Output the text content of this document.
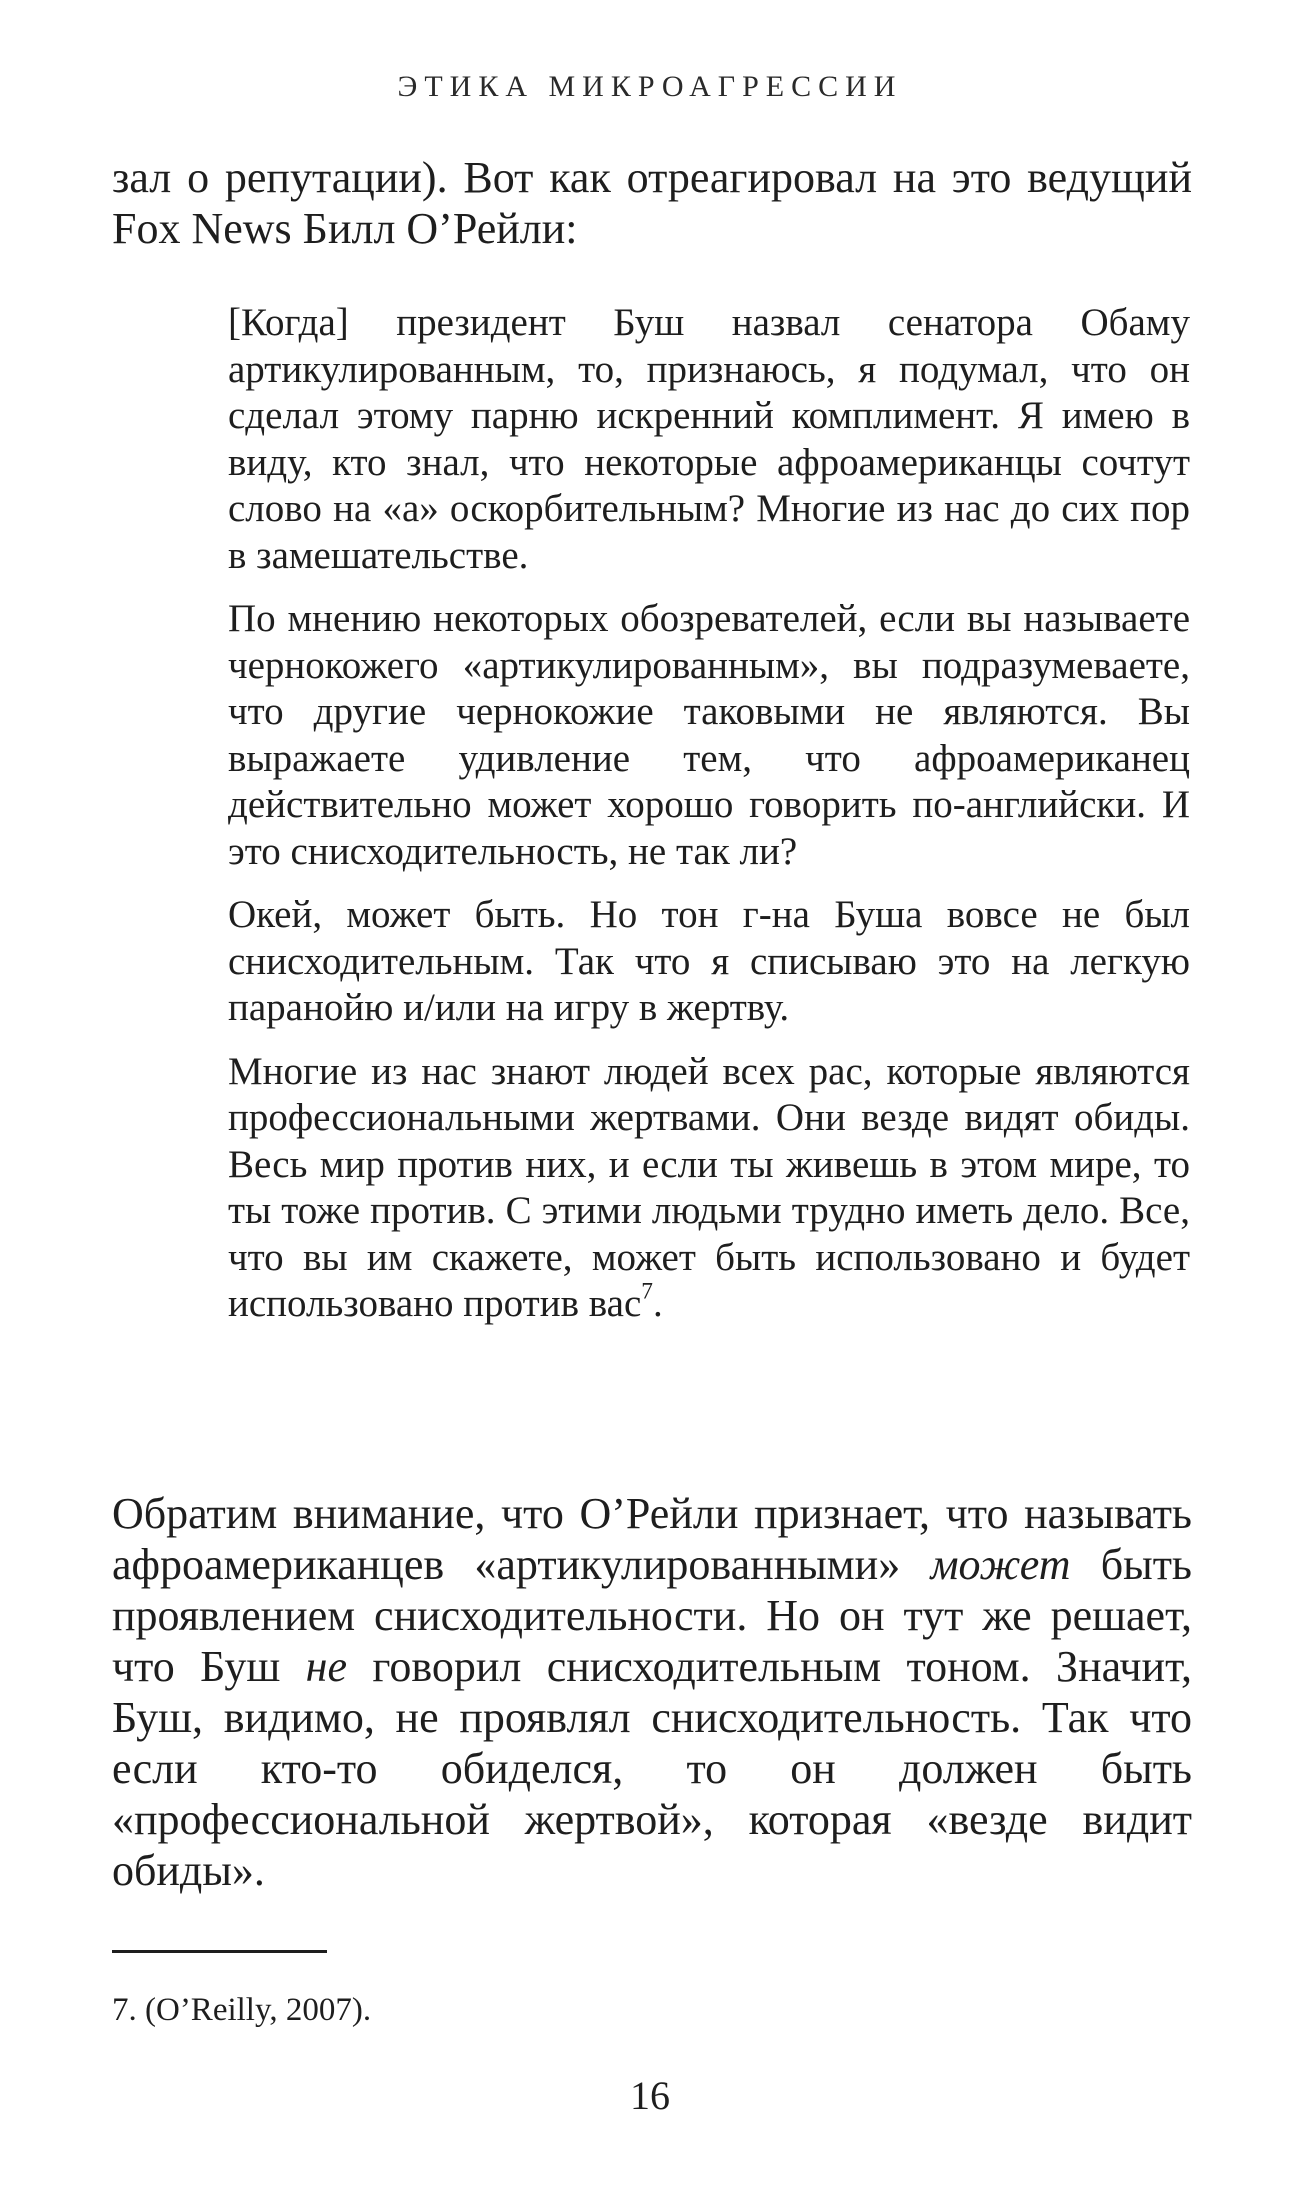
ЭТИКА МИКРОАГРЕССИИ

зал о репутации). Вот как отреагировал на это ведущий Fox News Билл О’Рейли:

[Когда] президент Буш назвал сенатора Обаму артикулированным, то, признаюсь, я подумал, что он сделал этому парню искренний комплимент. Я имею в виду, кто знал, что некоторые афроамериканцы сочтут слово на «а» оскорбительным? Многие из нас до сих пор в замешательстве.

По мнению некоторых обозревателей, если вы называете чернокожего «артикулированным», вы подразумеваете, что другие чернокожие таковыми не являются. Вы выражаете удивление тем, что афроамериканец действительно может хорошо говорить по-английски. И это снисходительность, не так ли?

Окей, может быть. Но тон г-на Буша вовсе не был снисходительным. Так что я списываю это на легкую паранойю и/или на игру в жертву.

Многие из нас знают людей всех рас, которые являются профессиональными жертвами. Они везде видят обиды. Весь мир против них, и если ты живешь в этом мире, то ты тоже против. С этими людьми трудно иметь дело. Все, что вы им скажете, может быть использовано и будет использовано против вас$^7$.

Обратим внимание, что О’Рейли признает, что называть афроамериканцев «артикулированными» может быть проявлением снисходительности. Но он тут же решает, что Буш не говорил снисходительным тоном. Значит, Буш, видимо, не проявлял снисходительность. Так что если кто-то обиделся, то он должен быть «профессиональной жертвой», которая «везде видит обиды».

7. (O’Reilly, 2007).
16
